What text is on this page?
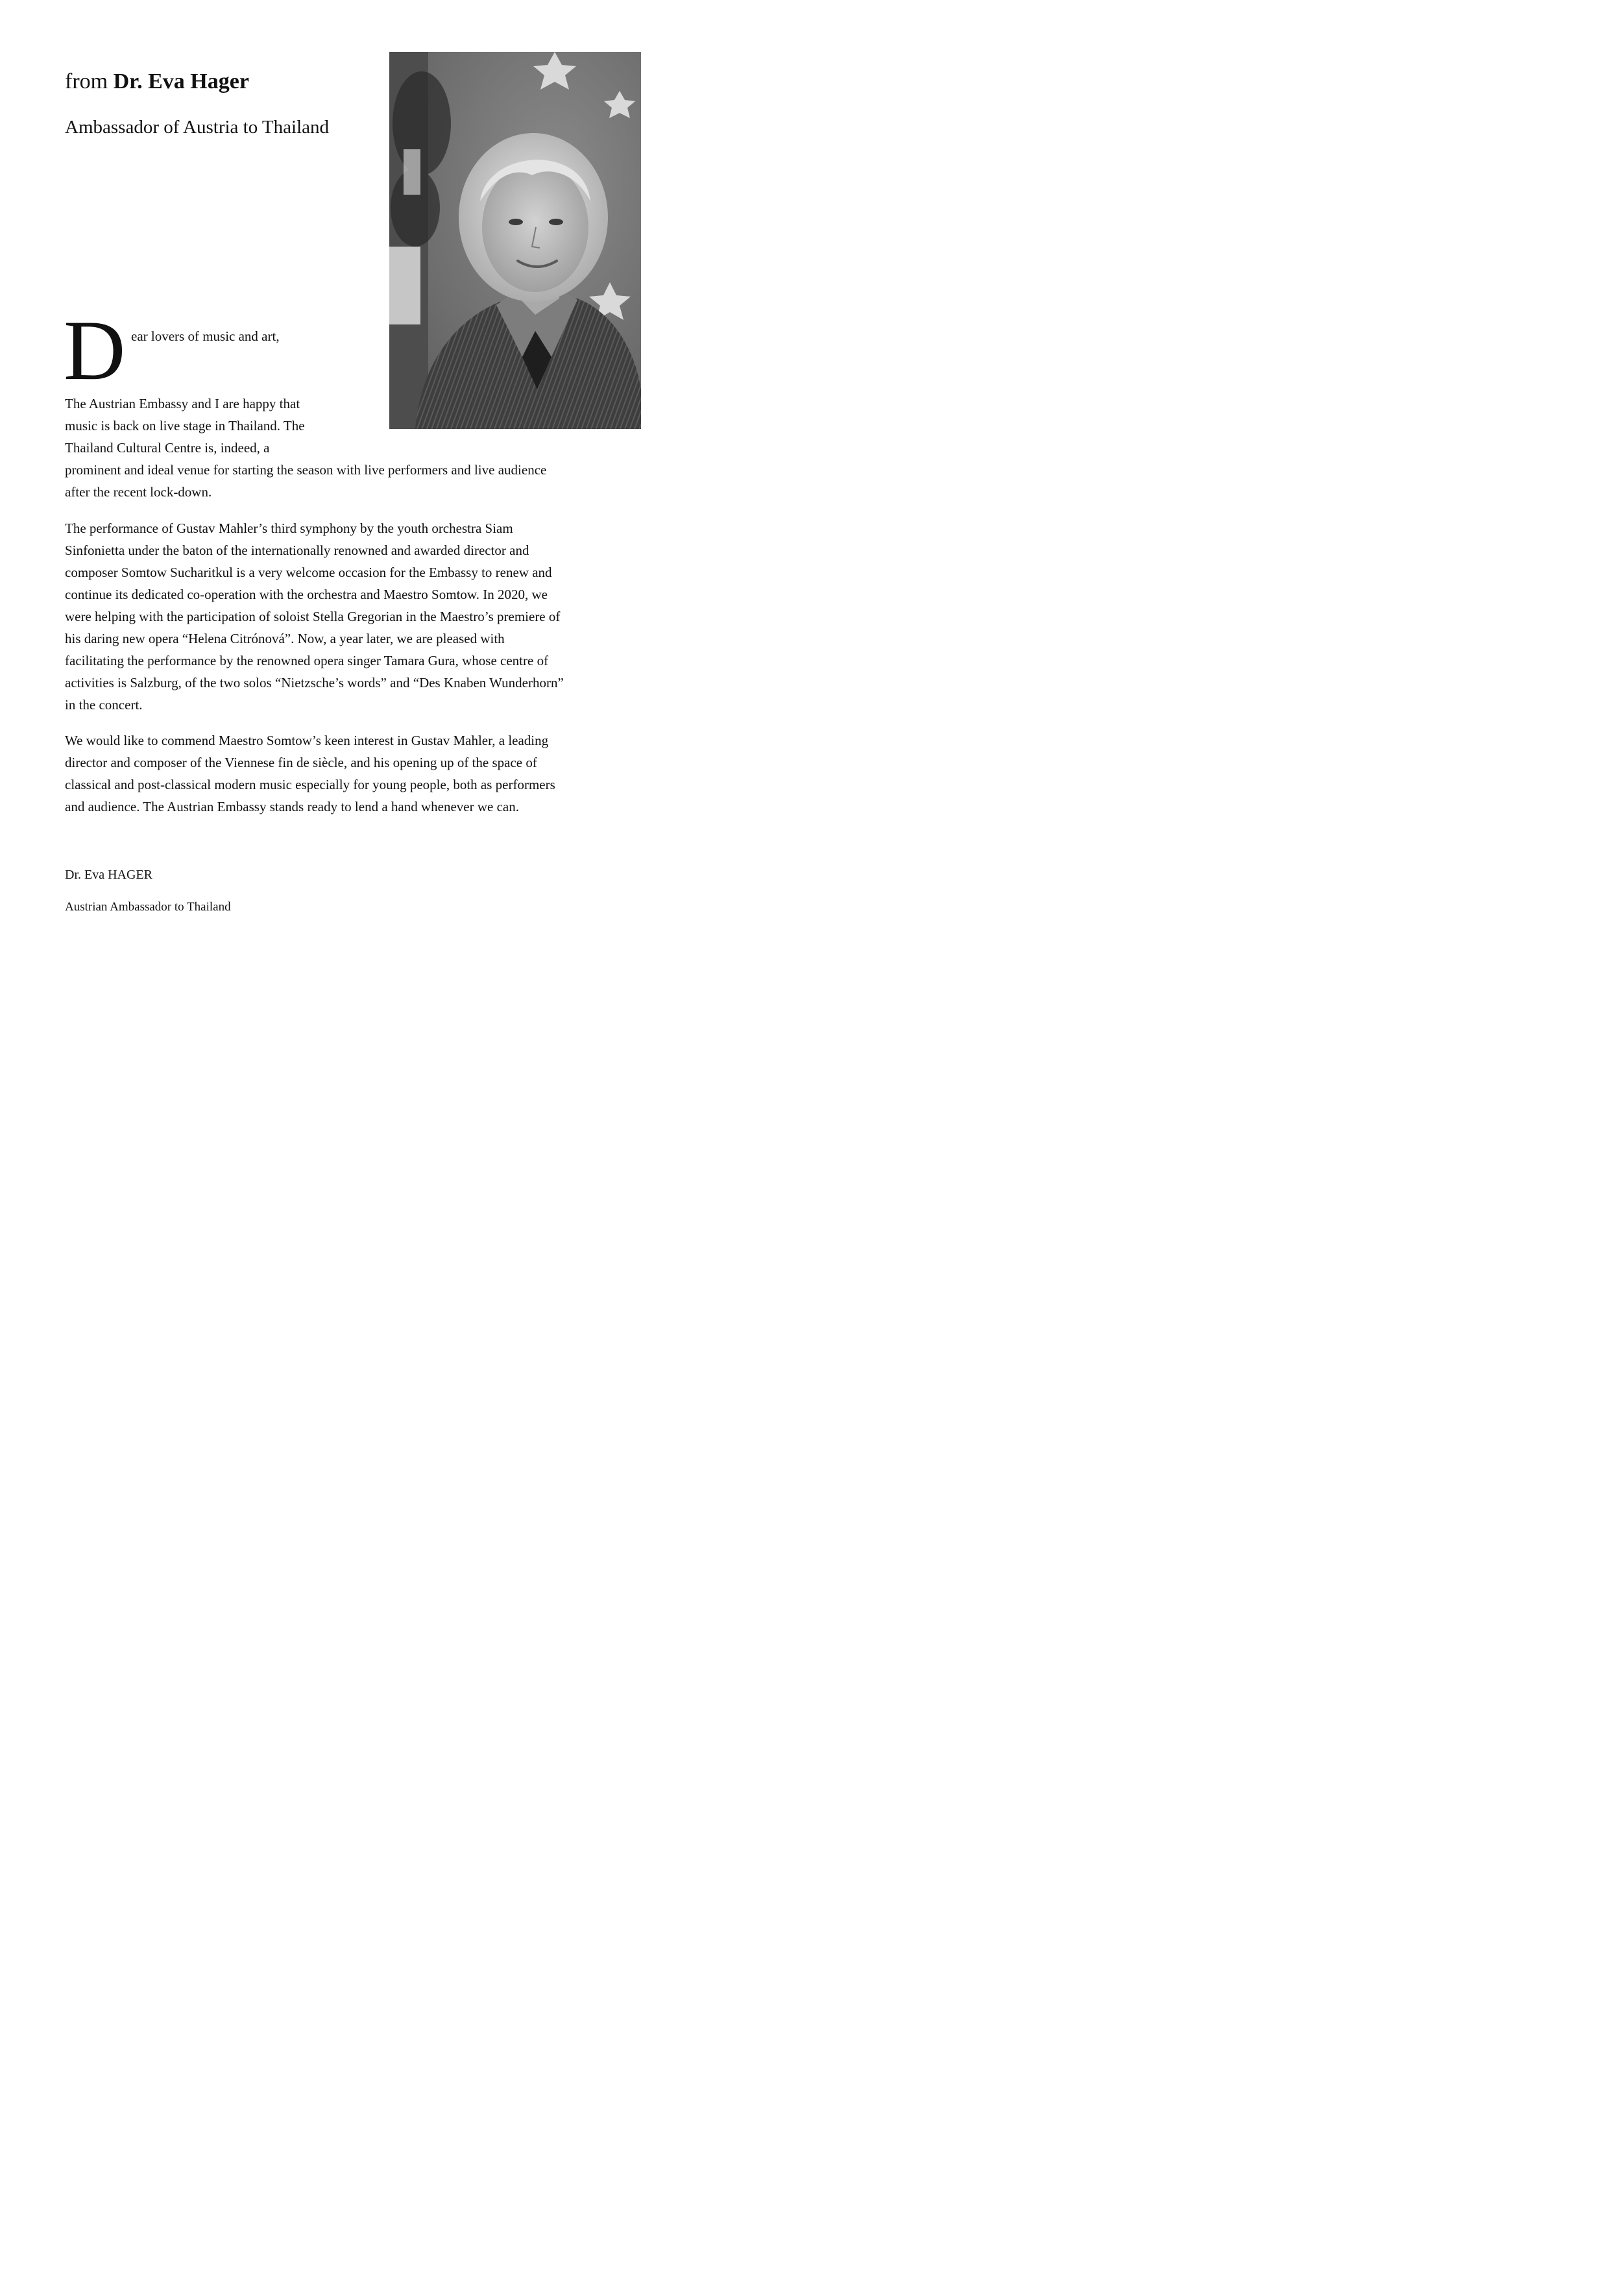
from Dr. Eva Hager

Ambassador of Austria to Thailand

D ear lovers of music and art,

The Austrian Embassy and I are happy that
music is back on live stage in Thailand. The
Thailand Cultural Centre is, indeed, a
prominent and ideal venue for starting the season with live performers and live audience
after the recent lock-down.

The performance of Gustav Mahler’s third symphony by the youth orchestra Siam
Sinfonietta under the baton of the internationally renowned and awarded director and
composer Somtow Sucharitkul is a very welcome occasion for the Embassy to renew and
continue its dedicated co-operation with the orchestra and Maestro Somtow. In 2020, we
were helping with the participation of soloist Stella Gregorian in the Maestro’s premiere of
his daring new opera “Helena Citrónová”. Now, a year later, we are pleased with
facilitating the performance by the renowned opera singer Tamara Gura, whose centre of
activities is Salzburg, of the two solos “Nietzsche’s words” and “Des Knaben Wunderhorn”
in the concert.

We would like to commend Maestro Somtow’s keen interest in Gustav Mahler, a leading
director and composer of the Viennese fin de siècle, and his opening up of the space of
classical and post-classical modern music especially for young people, both as performers
and audience. The Austrian Embassy stands ready to lend a hand whenever we can.

Dr. Eva HAGER

Austrian Ambassador to Thailand
